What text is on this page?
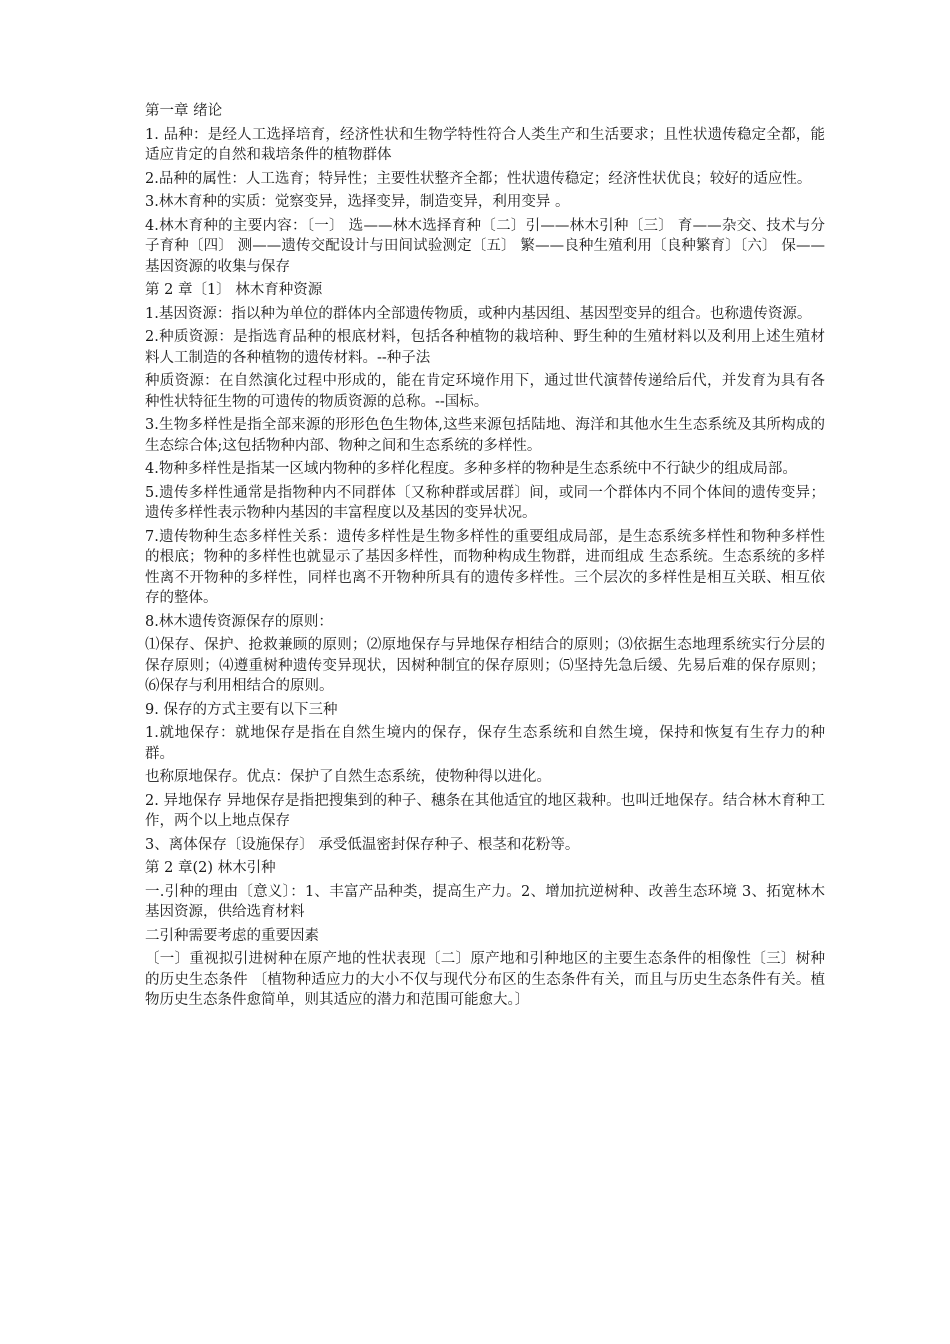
第一章 绪论

1. 品种：是经人工选择培育，经济性状和生物学特性符合人类生产和生活要求；且性状遗传稳定全都，能适应肯定的自然和栽培条件的植物群体

2.品种的属性：人工选育；特异性；主要性状整齐全都；性状遗传稳定；经济性状优良；较好的适应性。

3.林木育种的实质：觉察变异，选择变异，制造变异，利用变异 。

4.林木育种的主要内容：〔一〕 选——林木选择育种〔二〕引——林木引种〔三〕 育——杂交、技术与分子育种〔四〕 测——遗传交配设计与田间试验测定〔五〕 繁——良种生殖利用〔良种繁育〕〔六〕 保——基因资源的收集与保存

第 2 章〔1〕 林木育种资源

1.基因资源：指以种为单位的群体内全部遗传物质，或种内基因组、基因型变异的组合。也称遗传资源。

2.种质资源：是指选育品种的根底材料，包括各种植物的栽培种、野生种的生殖材料以及利用上述生殖材料人工制造的各种植物的遗传材料。--种子法

种质资源：在自然演化过程中形成的，能在肯定环境作用下，通过世代演替传递给后代，并发育为具有各种性状特征生物的可遗传的物质资源的总称。--国标。

3.生物多样性是指全部来源的形形色色生物体,这些来源包括陆地、海洋和其他水生生态系统及其所构成的生态综合体;这包括物种内部、物种之间和生态系统的多样性。

4.物种多样性是指某一区域内物种的多样化程度。多种多样的物种是生态系统中不行缺少的组成局部。

5.遗传多样性通常是指物种内不同群体〔又称种群或居群〕间，或同一个群体内不同个体间的遗传变异；遗传多样性表示物种内基因的丰富程度以及基因的变异状况。

7.遗传物种生态多样性关系：遗传多样性是生物多样性的重要组成局部，是生态系统多样性和物种多样性的根底；物种的多样性也就显示了基因多样性，而物种构成生物群，进而组成 生态系统。生态系统的多样性离不开物种的多样性，同样也离不开物种所具有的遗传多样性。三个层次的多样性是相互关联、相互依存的整体。

8.林木遗传资源保存的原则：

⑴保存、保护、抢救兼顾的原则；⑵原地保存与异地保存相结合的原则；⑶依据生态地理系统实行分层的保存原则；⑷遵重树种遗传变异现状，因树种制宜的保存原则；⑸坚持先急后缓、先易后难的保存原则；⑹保存与利用相结合的原则。

9. 保存的方式主要有以下三种

1.就地保存：就地保存是指在自然生境内的保存，保存生态系统和自然生境，保持和恢复有生存力的种群。

也称原地保存。优点：保护了自然生态系统，使物种得以进化。

2. 异地保存 异地保存是指把搜集到的种子、穗条在其他适宜的地区栽种。也叫迁地保存。结合林木育种工作，两个以上地点保存

3、离体保存〔设施保存〕 承受低温密封保存种子、根茎和花粉等。

第 2 章(2) 林木引种

一.引种的理由〔意义〕：1、丰富产品种类，提高生产力。2、增加抗逆树种、改善生态环境 3、拓宽林木基因资源，供给选育材料

二引种需要考虑的重要因素

〔一〕重视拟引进树种在原产地的性状表现〔二〕原产地和引种地区的主要生态条件的相像性〔三〕树种的历史生态条件 〔植物种适应力的大小不仅与现代分布区的生态条件有关，而且与历史生态条件有关。植物历史生态条件愈简单，则其适应的潜力和范围可能愈大。〕
